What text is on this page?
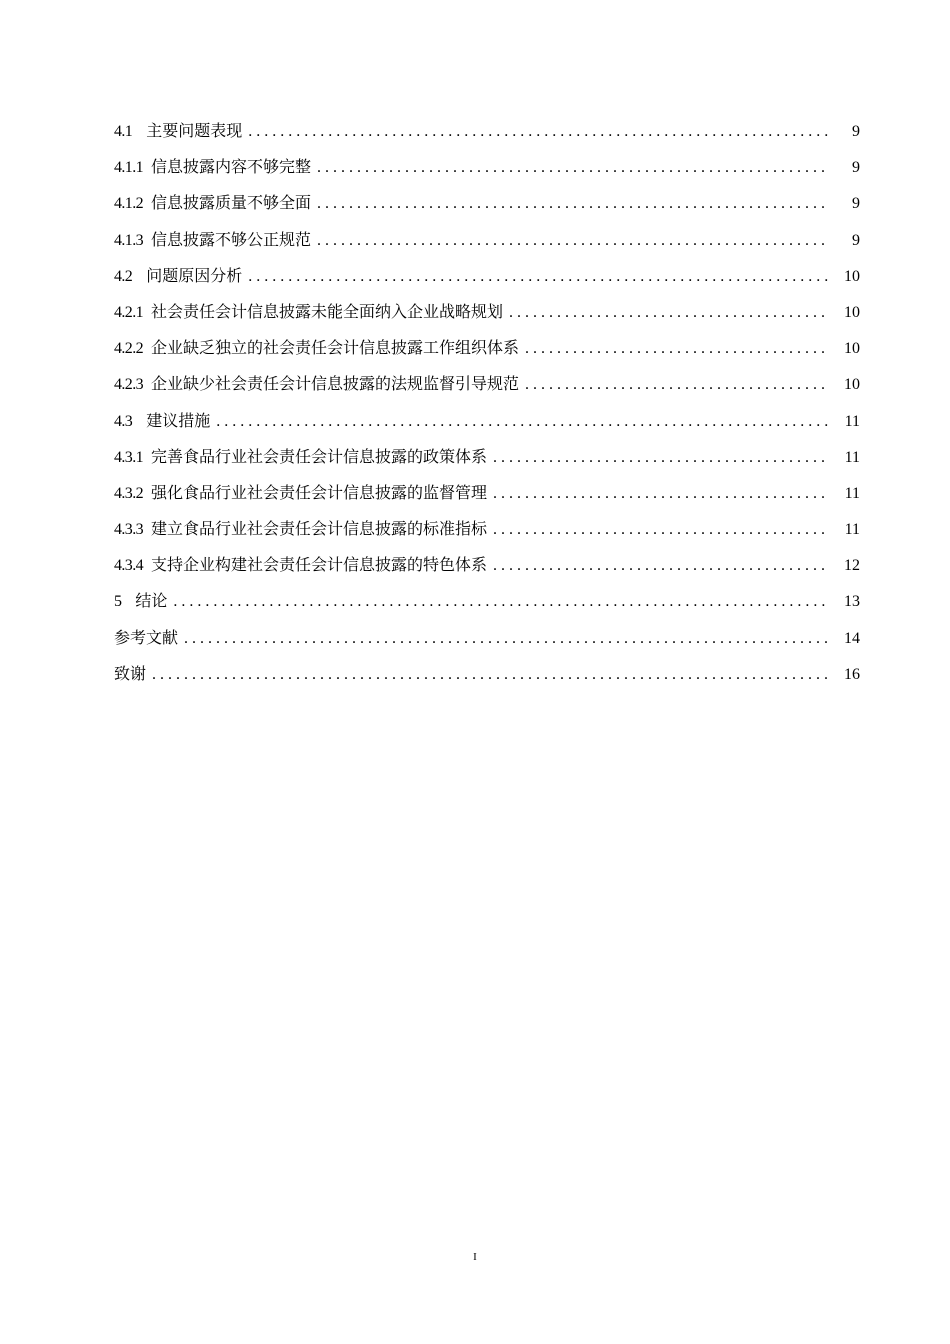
4.1 主要问题表现 . . .	9
4.1.1 信息披露内容不够完整 . . .	9
4.1.2 信息披露质量不够全面 . . .	9
4.1.3 信息披露不够公正规范 . . .	9
4.2 问题原因分析 . . .	10
4.2.1 社会责任会计信息披露未能全面纳入企业战略规划 . . .	10
4.2.2 企业缺乏独立的社会责任会计信息披露工作组织体系 . . .	10
4.2.3 企业缺少社会责任会计信息披露的法规监督引导规范 . . .	10
4.3 建议措施 . . .	11
4.3.1 完善食品行业社会责任会计信息披露的政策体系 . . .	11
4.3.2 强化食品行业社会责任会计信息披露的监督管理 . . .	11
4.3.3 建立食品行业社会责任会计信息披露的标准指标 . . .	11
4.3.4 支持企业构建社会责任会计信息披露的特色体系 . . .	12
5 结论 . . .	13
参考文献 . . .	14
致谢 . . .	16
I
